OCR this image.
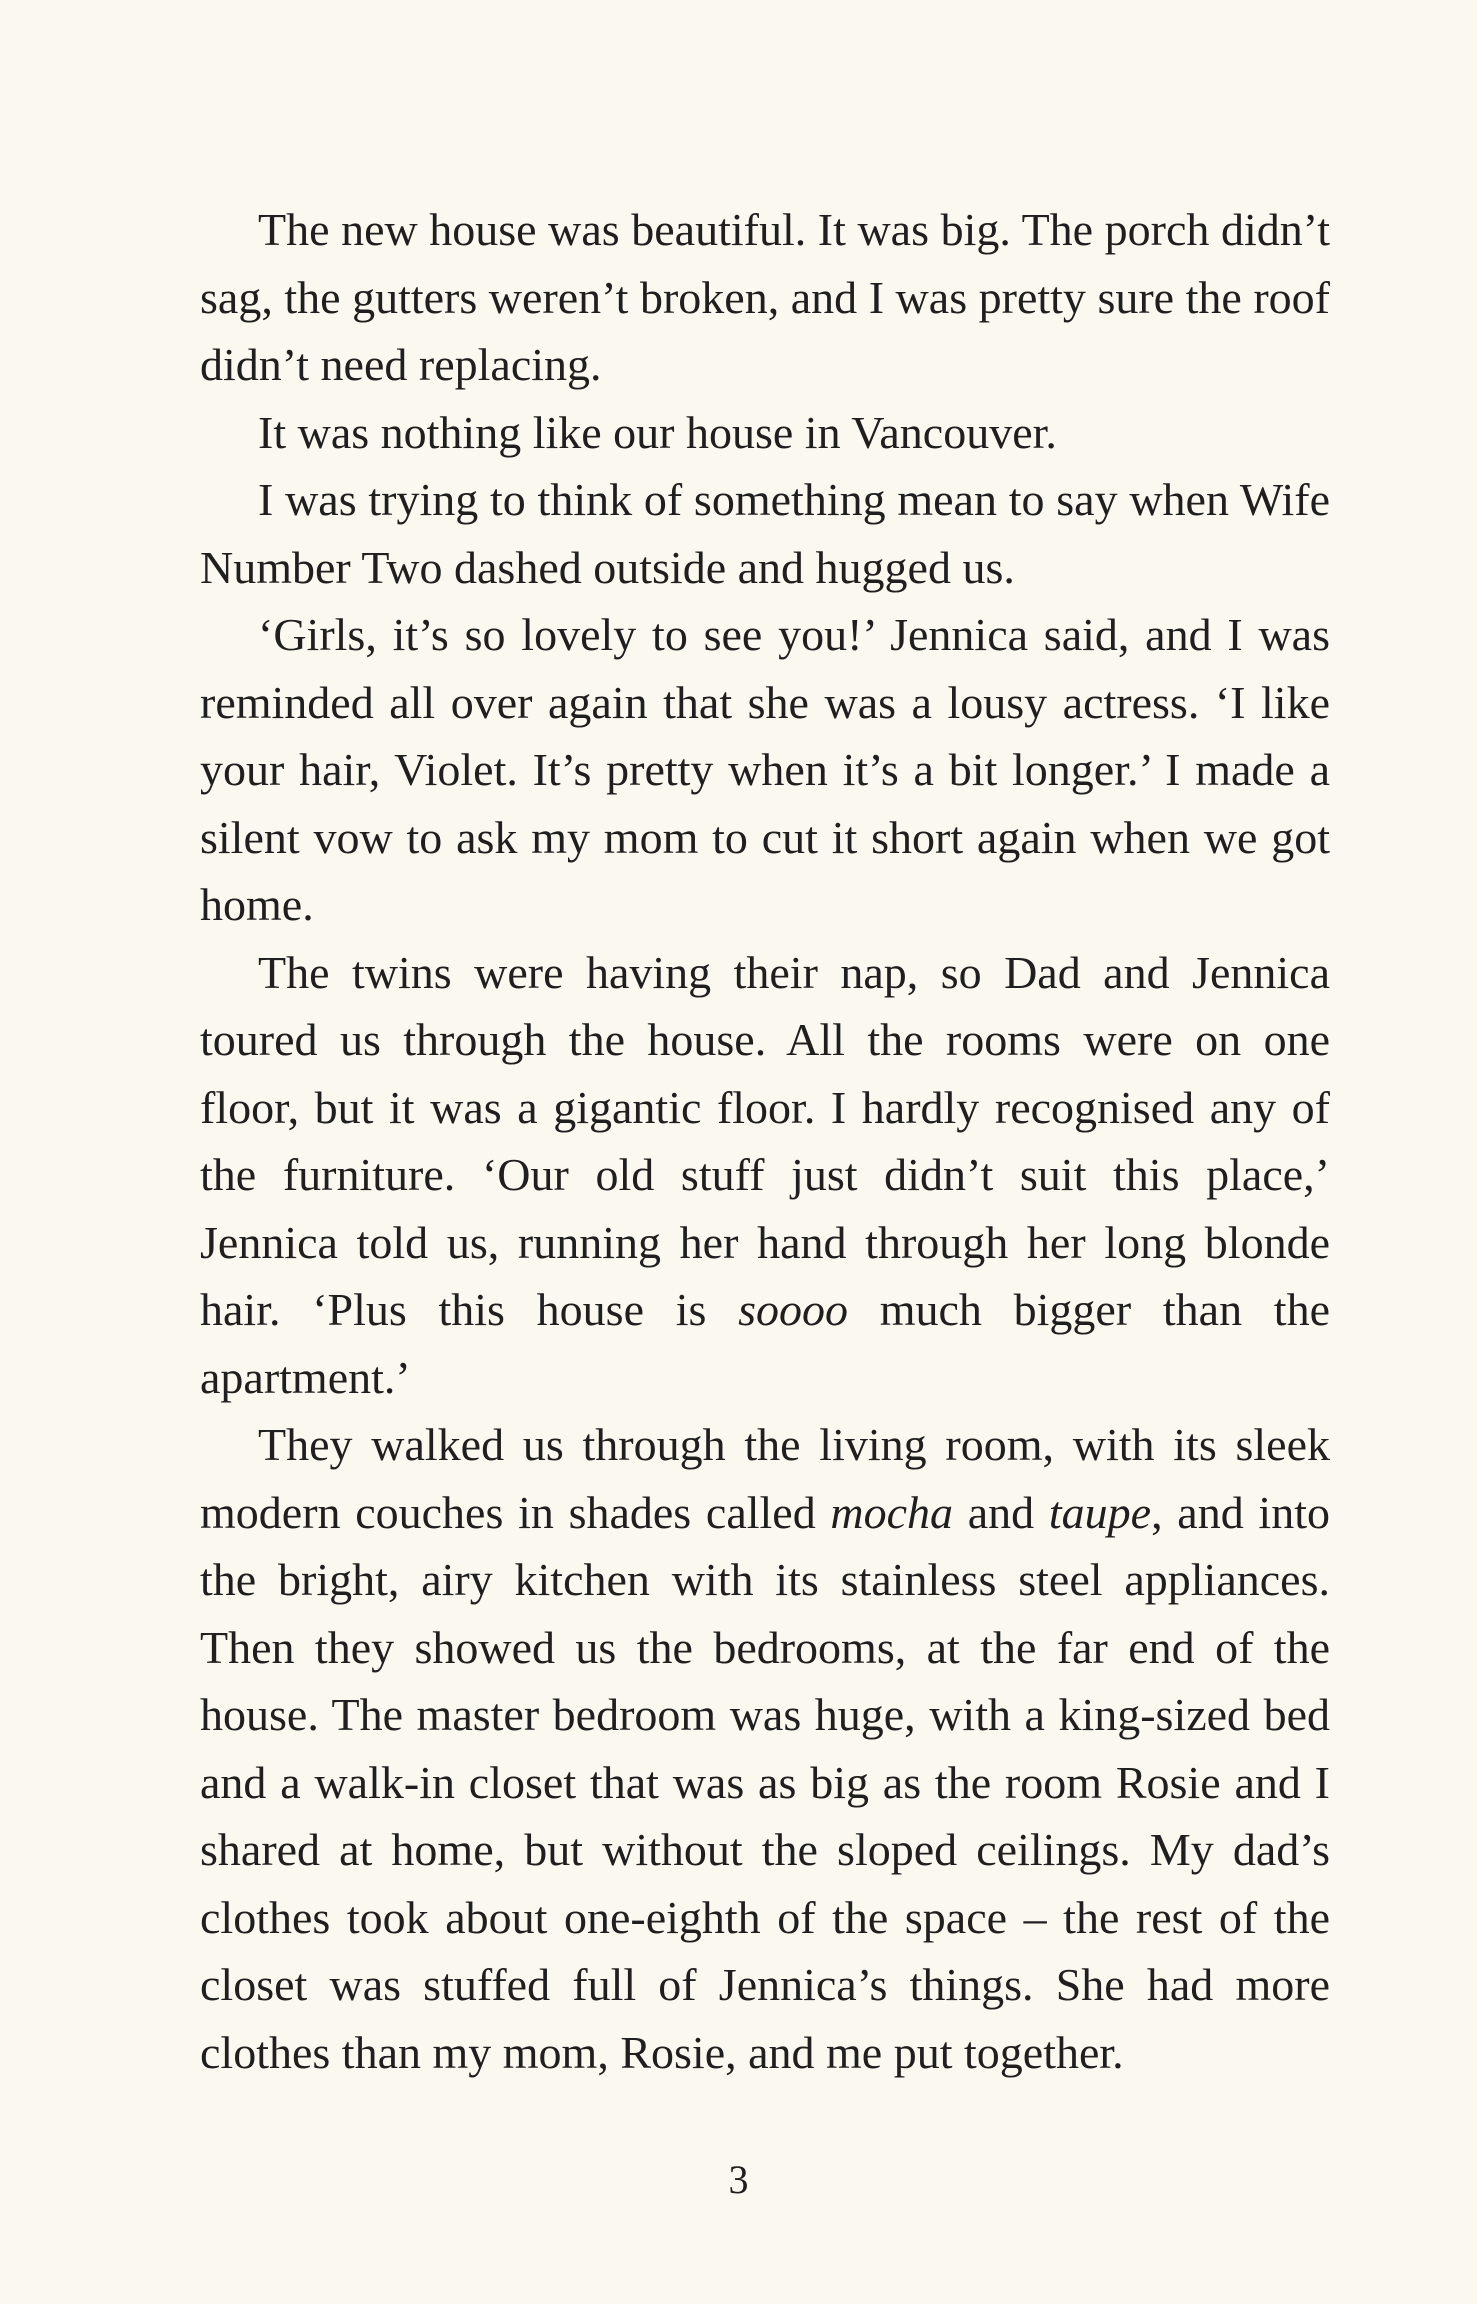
The new house was beautiful. It was big. The porch didn’t sag, the gutters weren’t broken, and I was pretty sure the roof didn’t need replacing.

It was nothing like our house in Vancouver.

I was trying to think of something mean to say when Wife Number Two dashed outside and hugged us.

‘Girls, it’s so lovely to see you!’ Jennica said, and I was reminded all over again that she was a lousy actress. ‘I like your hair, Violet. It’s pretty when it’s a bit longer.’ I made a silent vow to ask my mom to cut it short again when we got home.

The twins were having their nap, so Dad and Jennica toured us through the house. All the rooms were on one floor, but it was a gigantic floor. I hardly recognised any of the furniture. ‘Our old stuff just didn’t suit this place,’ Jennica told us, running her hand through her long blonde hair. ‘Plus this house is soooo much bigger than the apartment.’

They walked us through the living room, with its sleek modern couches in shades called mocha and taupe, and into the bright, airy kitchen with its stainless steel appliances. Then they showed us the bedrooms, at the far end of the house. The master bedroom was huge, with a king-sized bed and a walk-in closet that was as big as the room Rosie and I shared at home, but without the sloped ceilings. My dad’s clothes took about one-eighth of the space – the rest of the closet was stuffed full of Jennica’s things. She had more clothes than my mom, Rosie, and me put together.

3
